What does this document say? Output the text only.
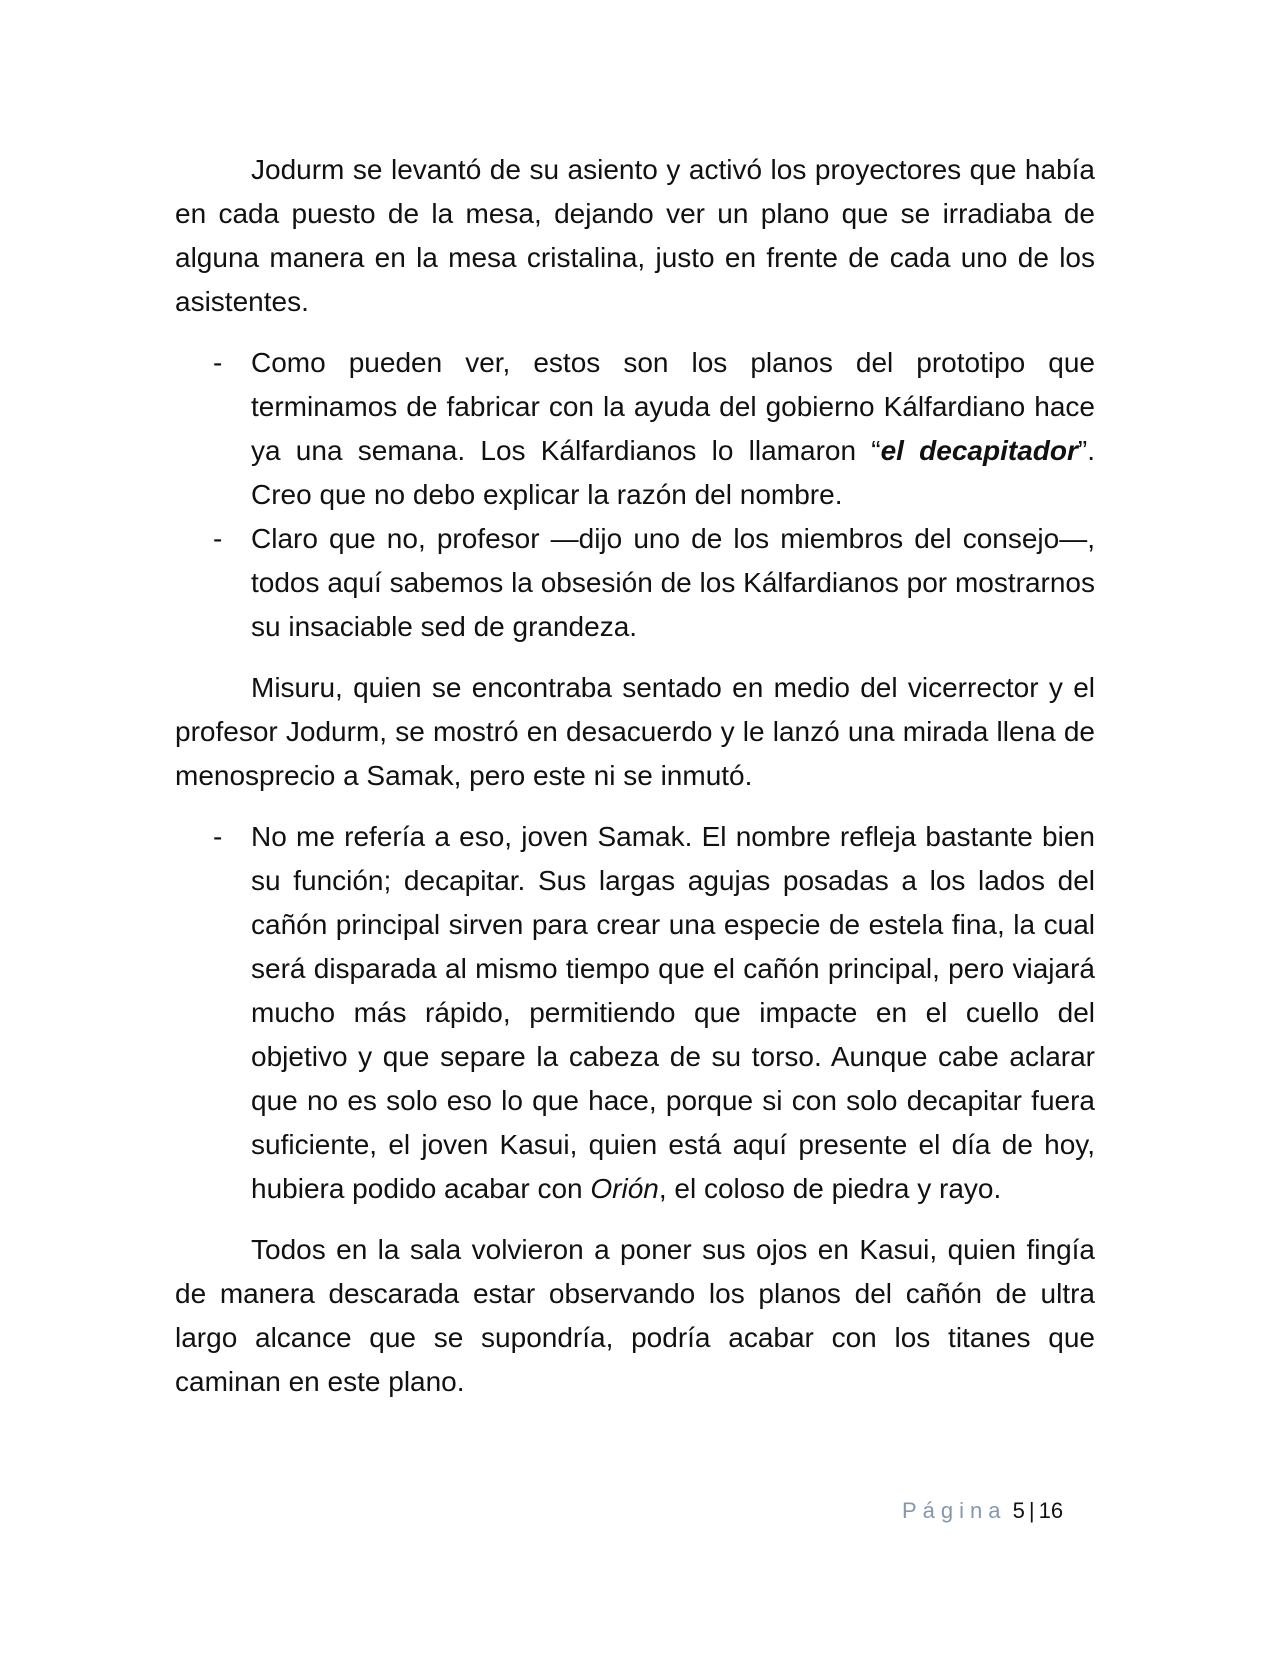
Jodurm se levantó de su asiento y activó los proyectores que había en cada puesto de la mesa, dejando ver un plano que se irradiaba de alguna manera en la mesa cristalina, justo en frente de cada uno de los asistentes.

- Como pueden ver, estos son los planos del prototipo que terminamos de fabricar con la ayuda del gobierno Kálfardiano hace ya una semana. Los Kálfardianos lo llamaron “el decapitador”. Creo que no debo explicar la razón del nombre.

- Claro que no, profesor —dijo uno de los miembros del consejo—, todos aquí sabemos la obsesión de los Kálfardianos por mostrarnos su insaciable sed de grandeza.

Misuru, quien se encontraba sentado en medio del vicerrector y el profesor Jodurm, se mostró en desacuerdo y le lanzó una mirada llena de menosprecio a Samak, pero este ni se inmutó.

- No me refería a eso, joven Samak. El nombre refleja bastante bien su función; decapitar. Sus largas agujas posadas a los lados del cañón principal sirven para crear una especie de estela fina, la cual será disparada al mismo tiempo que el cañón principal, pero viajará mucho más rápido, permitiendo que impacte en el cuello del objetivo y que separe la cabeza de su torso. Aunque cabe aclarar que no es solo eso lo que hace, porque si con solo decapitar fuera suficiente, el joven Kasui, quien está aquí presente el día de hoy, hubiera podido acabar con Orión, el coloso de piedra y rayo.

Todos en la sala volvieron a poner sus ojos en Kasui, quien fingía de manera descarada estar observando los planos del cañón de ultra largo alcance que se supondría, podría acabar con los titanes que caminan en este plano.

Página 5 | 16
